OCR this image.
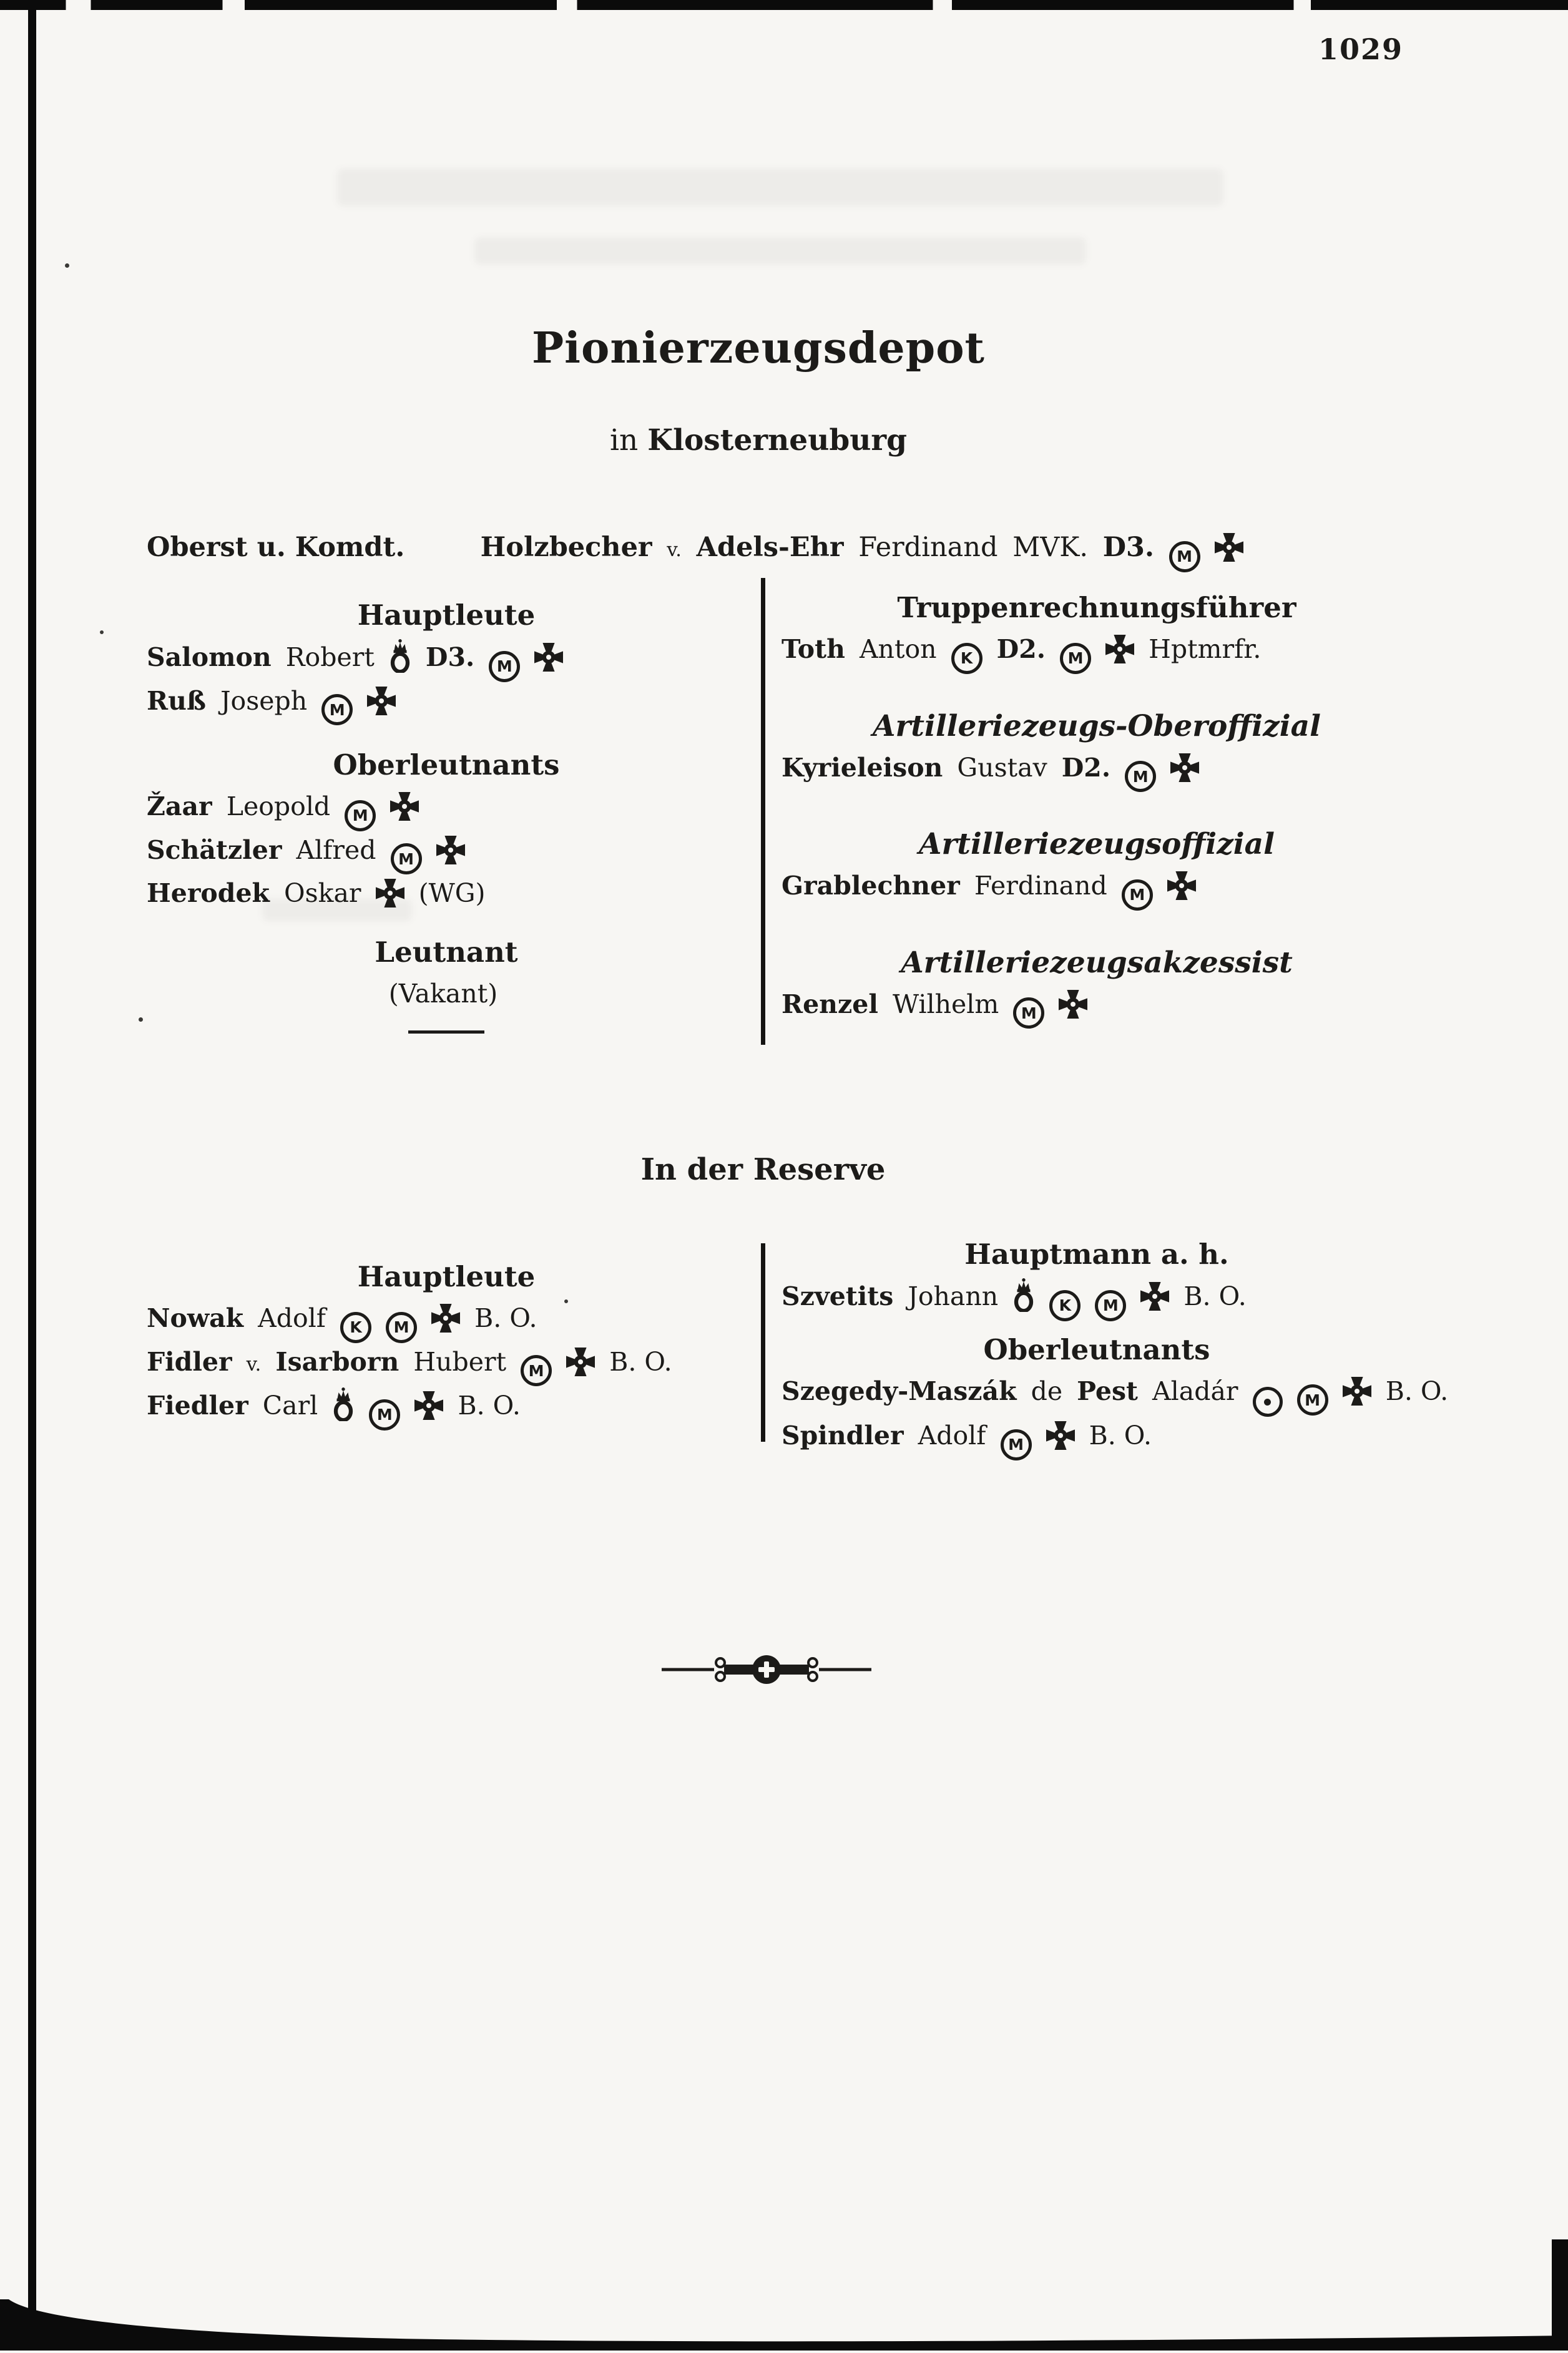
1029
Pionierzeugsdepot
in Klosterneuburg
Oberst u. Komdt.	Holzbecher v. Adels-Ehr Ferdinand MVK. D3. M
Hauptleute
Salomon Robert D3. M
Ruß Joseph M
Oberleutnants
Žaar Leopold M
Schätzler Alfred M
Herodek Oskar (WG)
Leutnant
(Vakant)
Truppenrechnungsführer
Toth Anton K D2. M	Hptmrfr.
Artilleriezeugs-Oberoffizial
Kyrieleison Gustav D2. M
Artilleriezeugsoffizial
Grablechner Ferdinand M
Artilleriezeugsakzessist
Renzel Wilhelm M
In der Reserve
Hauptleute
Nowak Adolf K M	B. O.
Fidler v. Isarborn Hubert M	B. O.
Fiedler Carl	M	B. O.
Hauptmann a. h.
Szvetits Johann	K M	B. O.
Oberleutnants
Szegedy-Maszák de Pest Aladár	M	B. O.
Spindler Adolf M	B. O.
